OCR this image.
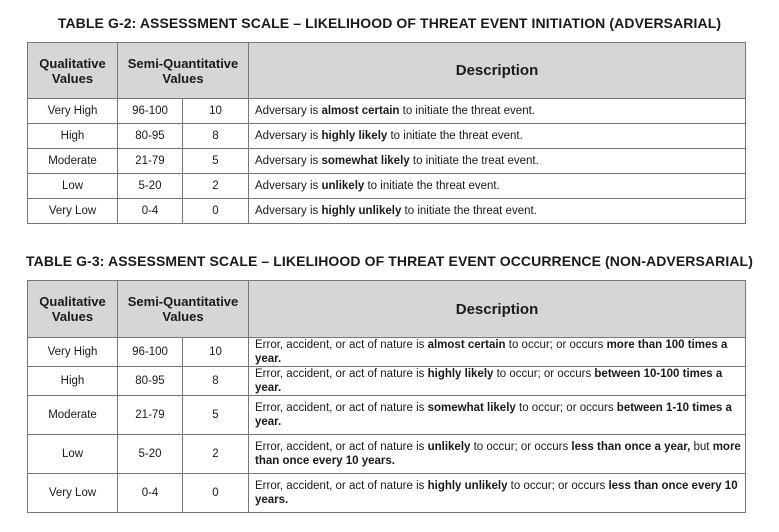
TABLE G-2: ASSESSMENT SCALE – LIKELIHOOD OF THREAT EVENT INITIATION (ADVERSARIAL)
Qualitative Values	Semi-Quantitative Values		Description
Very High	96-100	10	Adversary is almost certain to initiate the threat event.
High	80-95	8	Adversary is highly likely to initiate the threat event.
Moderate	21-79	5	Adversary is somewhat likely to initiate the treat event.
Low	5-20	2	Adversary is unlikely to initiate the threat event.
Very Low	0-4	0	Adversary is highly unlikely to initiate the threat event.
TABLE G-3: ASSESSMENT SCALE – LIKELIHOOD OF THREAT EVENT OCCURRENCE (NON-ADVERSARIAL)
Qualitative Values	Semi-Quantitative Values		Description
Very High	96-100	10	Error, accident, or act of nature is almost certain to occur; or occurs more than 100 times a year.
High	80-95	8	Error, accident, or act of nature is highly likely to occur; or occurs between 10-100 times a year.
Moderate	21-79	5	Error, accident, or act of nature is somewhat likely to occur; or occurs between 1-10 times a year.
Low	5-20	2	Error, accident, or act of nature is unlikely to occur; or occurs less than once a year, but more than once every 10 years.
Very Low	0-4	0	Error, accident, or act of nature is highly unlikely to occur; or occurs less than once every 10 years.
